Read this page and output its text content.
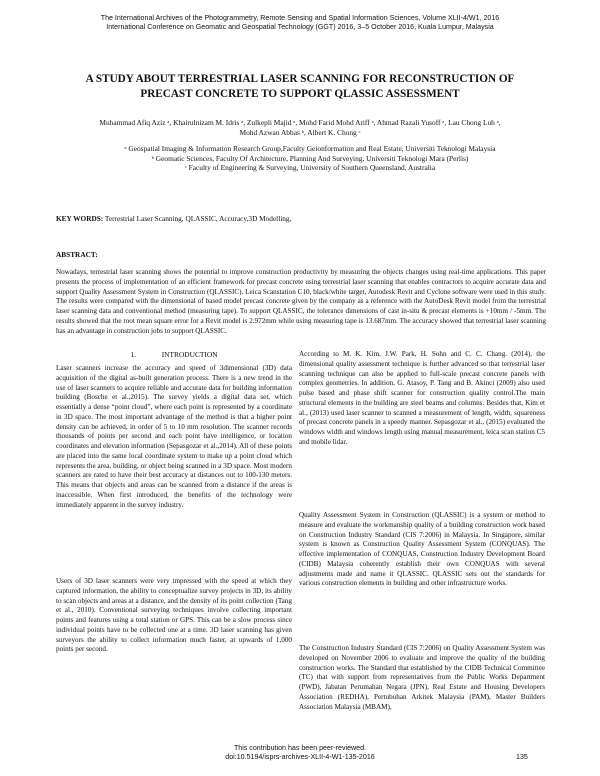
The International Archives of the Photogrammetry, Remote Sensing and Spatial Information Sciences, Volume XLII-4/W1, 2016
International Conference on Geomatic and Geospatial Technology (GGT) 2016, 3–5 October 2016, Kuala Lumpur, Malaysia
A STUDY ABOUT TERRESTRIAL LASER SCANNING FOR RECONSTRUCTION OF
PRECAST CONCRETE TO SUPPORT QLASSIC ASSESSMENT
Muhammad Afiq Aziz ᵃ, Khairulnizam M. Idris ᵃ, Zulkepli Majid ᵃ, Mohd Farid Mohd Ariff ᵃ, Ahmad Razali Yusoff ᵃ, Lau Chong Luh ᵃ,
Mohd Azwan Abbas ᵇ, Albert K. Chong ᶜ
ᵃ Geospatial Imaging & Information Research Group,Faculty Geionformation and Real Estate, Universiti Teknologi Malaysia
ᵇ Geomatic Sciences, Faculty Of Architecture, Planning And Surveying, Universiti Teknologi Mara (Perlis)
ᶜ Faculty of Engineering & Surveying, University of Southern Queensland, Australia
KEY WORDS: Terrestrial Laser Scanning, QLASSIC, Accuracy,3D Modelling,
ABSTRACT:

Nowadays, terrestrial laser scanning shows the potential to improve construction productivity by measuring the objects changes using real-time applications. This paper presents the process of implementation of an efficient framework for precast concrete using terrestrial laser scanning that enables contractors to acquire accurate data and support Quality Assessment System in Construction (QLASSIC). Leica Scanstation C10, black/white target, Autodesk Revit and Cyclone software were used in this study. The results were compared with the dimensional of based model precast concrete given by the company as a reference with the AutoDesk Revit model from the terrestrial laser scanning data and conventional method (measuring tape). To support QLASSIC, the tolerance dimensions of cast in-situ & precast elements is +10mm / -5mm. The results showed that the root mean square error for a Revit model is 2.972mm while using measuring tape is 13.687mm. The accuracy showed that terrestrial laser scanning has an advantage in construction jobs to support QLASSIC.

1.	INTRODUCTION

Laser scanners increase the accuracy and speed of 3dimensional (3D) data acquisition of the digital as-built generation process. There is a new trend in the use of laser scanners to acquire reliable and accurate data for building information building (Bosche et al.,2015). The survey yields a digital data set, which essentially a dense “point cloud”, where each point is represented by a coordinate in 3D space. The most important advantage of the method is that a higher point density can be achieved, in order of 5 to 10 mm resolution. The scanner records thousands of points per second and each point have intelligence, or location coordinates and elevation information (Sepasgozar et al.,2014). All of these points are placed into the same local coordinate system to make up a point cloud which represents the area, building, or object being scanned in a 3D space. Most modern scanners are rated to have their best accuracy at distances out to 100-130 meters. This means that objects and areas can be scanned from a distance if the areas is inaccessible. When first introduced, the benefits of the technology were immediately apparent in the survey industry.

Users of 3D laser scanners were very impressed with the speed at which they captured information, the ability to conceptualize survey projects in 3D, its ability to scan objects and areas at a distance, and the density of its point collection (Tang et al., 2010). Conventional surveying techniques involve collecting important points and features using a total station or GPS. This can be a slow process since individual points have to be collected one at a time. 3D laser scanning has given surveyors the ability to collect information much faster, at upwards of 1,000 points per second.

According to M. K. Kim, J.W. Park, H. Sohn and C. C. Chang. (2014), the dimensional quality assessment technique is further advanced so that terrestrial laser scanning technique can also be applied to full-scale precast concrete panels with complex geometries. In addition, G. Atasoy, P. Tang and B. Akinci (2009) also used pulse based and phase shift scanner for construction quality control.The main structural elements in the building are steel beams and columns. Besides that, Kim et al., (2013) used laser scanner to scanned a measurement of length, width, squareness of precast concrete panels in a speedy manner. Sepasgozar et al., (2015) evaluated the windows width and windows length using manual measurement, leica scan station C5 and mobile lidar.

Quality Assessment System in Construction (QLASSIC) is a system or method to measure and evaluate the workmanship quality of a building construction work based on Construction Industry Standard (CIS 7:2006) in Malaysia. In Singapore, similar system is known as Construction Quality Assessment System (CONQUAS). The effective implementation of CONQUAS, Construction Industry Development Board (CIDB) Malaysia coherently establish their own CONQUAS with several adjustments made and name it QLASSIC. QLASSIC sets out the standards for various construction elements in building and other infrastructure works.

The Construction Industry Standard (CIS 7:2006) on Quality Assessment System was developed on November 2006 to evaluate and improve the quality of the building construction works. The Standard that established by the CIDB Technical Committee (TC) that with support from representatives from the Public Works Department (PWD), Jabatan Perumahan Negara (JPN), Real Estate and Housing Developers Association (REDHA), Pertubuhan Arkitek Malaysia (PAM), Master Builders Association Malaysia (MBAM),

This contribution has been peer-reviewed.
doi:10.5194/isprs-archives-XLII-4-W1-135-2016	135
